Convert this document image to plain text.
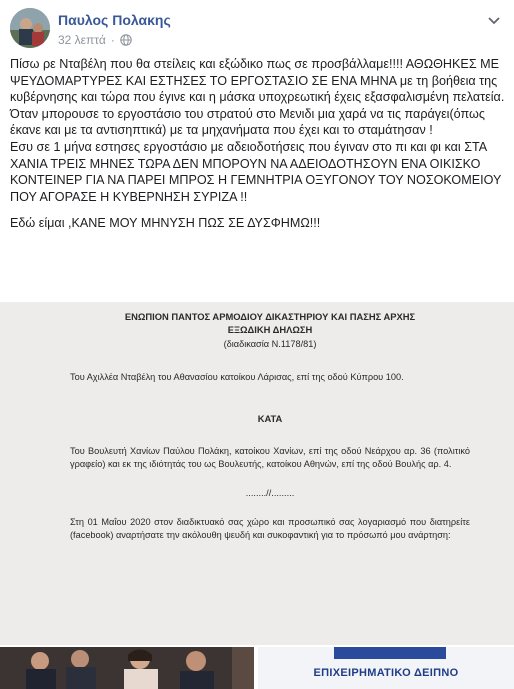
Παυλος Πολακης
32 λεπτά ·

Πίσω ρε Νταβέλη που θα στείλεις και εξώδικο πως σε προσβάλλαμε!!!! ΑΘΩΘΗΚΕΣ ΜΕ ΨΕΥΔΟΜΑΡΤΥΡΕΣ ΚΑΙ ΕΣΤΗΣΕΣ ΤΟ ΕΡΓΟΣΤΑΣΙΟ ΣΕ ΕΝΑ ΜΗΝΑ με τη βοήθεια της κυβέρνησης και τώρα που έγινε και η μάσκα υποχρεωτική έχεις εξασφαλισμένη πελατεία.

Όταν μπορουσε το εργοστάσιο του στρατού στο Μενιδι μια χαρά να τις παράγει(όπως έκανε και με τα αντισηπτικά) με τα μηχανήματα που έχει και το σταμάτησαν !

Εσυ σε 1 μήνα εστησες εργοστάσιο με αδειοδοτήσεις που έγιναν στο πι και φι και ΣΤΑ ΧΑΝΙΑ ΤΡΕΙΣ ΜΗΝΕΣ ΤΩΡΑ ΔΕΝ ΜΠΟΡΟΥΝ ΝΑ ΑΔΕΙΟΔΟΤΗΣΟΥΝ ΕΝΑ ΟΙΚΙΣΚΟ ΚΟΝΤΕΙΝΕΡ ΓΙΑ ΝΑ ΠΑΡΕΙ ΜΠΡΟΣ Η ΓΕΜΝΗΤΡΙΑ ΟΞΥΓΟΝΟΥ ΤΟΥ ΝΟΣΟΚΟΜΕΙΟΥ ΠΟΥ ΑΓΟΡΑΣΕ Η ΚΥΒΕΡΝΗΣΗ ΣΥΡΙΖΑ !!

Εδώ είμαι ,ΚΑΝΕ ΜΟΥ ΜΗΝΥΣΗ ΠΩΣ ΣΕ ΔΥΣΦΗΜΩ!!!

ΕΝΩΠΙΟΝ ΠΑΝΤΟΣ ΑΡΜΟΔΙΟΥ ΔΙΚΑΣΤΗΡΙΟΥ ΚΑΙ ΠΑΣΗΣ ΑΡΧΗΣ
ΕΞΩΔΙΚΗ ΔΗΛΩΣΗ
(διαδικασία Ν.1178/81)
Του Αχιλλέα Νταβέλη του Αθανασίου κατοίκου Λάρισας, επί της οδού Κύπρου 100.
ΚΑΤΑ
Του Βουλευτή Χανίων Παύλου Πολάκη, κατοίκου Χανίων, επί της οδού Νεάρχου αρ. 36 (πολιτικό γραφείο) και εκ της ιδιότητάς του ως Βουλευτής, κατοίκου Αθηνών, επί της οδού Βουλής αρ. 4.
........//.........
Στη 01 Μαΐου 2020 στον διαδικτυακό σας χώρο και προσωπικό σας λογαριασμό που διατηρείτε (facebook) αναρτήσατε την ακόλουθη ψευδή και συκοφαντική για το πρόσωπό μου ανάρτηση:
ΕΠΙΧΕΙΡΗΜΑΤΙΚΟ ΔΕΙΠΝΟ
